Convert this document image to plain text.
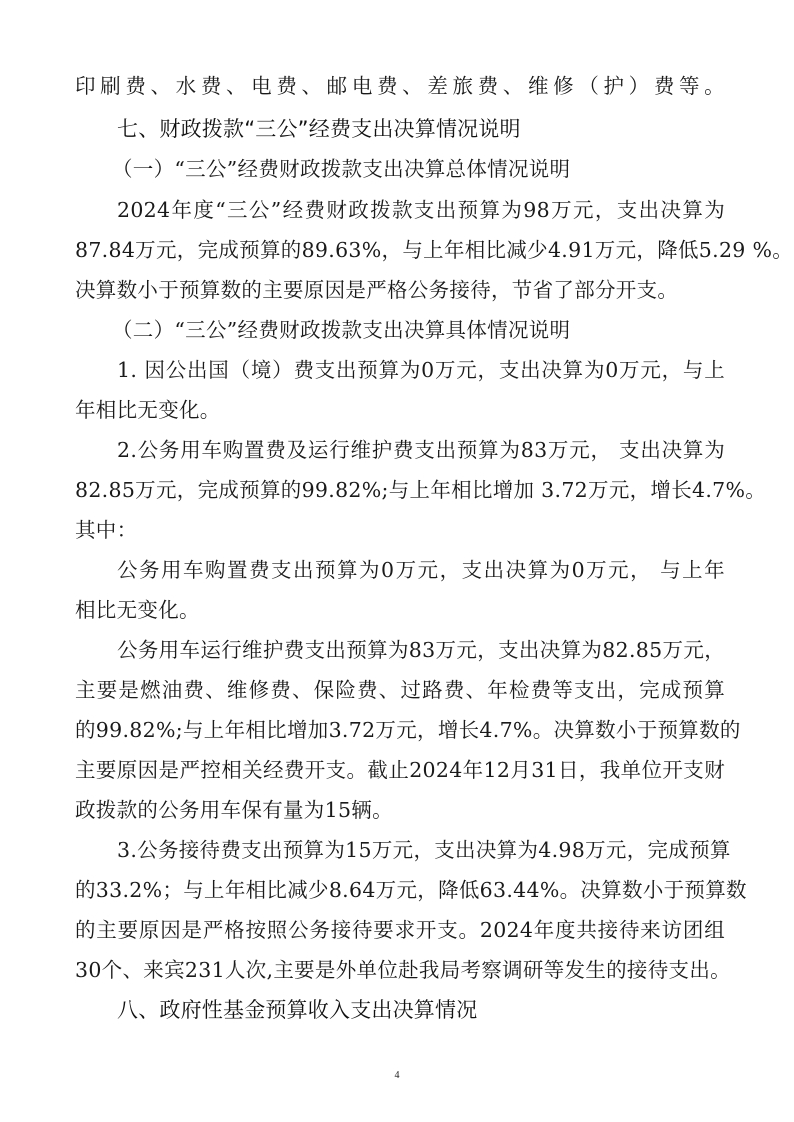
印刷费、水费、电费、邮电费、差旅费、维修（护）费等。
七、财政拨款“三公”经费支出决算情况说明
（一）“三公”经费财政拨款支出决算总体情况说明
2024年度“三公”经费财政拨款支出预算为98万元，支出决算为
87.84万元，完成预算的89.63%，与上年相比减少4.91万元，降低5.29 %。
决算数小于预算数的主要原因是严格公务接待，节省了部分开支。
（二）“三公”经费财政拨款支出决算具体情况说明
1. 因公出国（境）费支出预算为0万元，支出决算为0万元，与上
年相比无变化。
2.公务用车购置费及运行维护费支出预算为83万元， 支出决算为
82.85万元，完成预算的99.82%;与上年相比增加 3.72万元，增长4.7%。
其中：
公务用车购置费支出预算为0万元，支出决算为0万元， 与上年
相比无变化。
公务用车运行维护费支出预算为83万元，支出决算为82.85万元，
主要是燃油费、维修费、保险费、过路费、年检费等支出，完成预算
的99.82%;与上年相比增加3.72万元，增长4.7%。决算数小于预算数的
主要原因是严控相关经费开支。截止2024年12月31日，我单位开支财
政拨款的公务用车保有量为15辆。
3.公务接待费支出预算为15万元，支出决算为4.98万元，完成预算
的33.2%；与上年相比减少8.64万元，降低63.44%。决算数小于预算数
的主要原因是严格按照公务接待要求开支。2024年度共接待来访团组
30个、来宾231人次,主要是外单位赴我局考察调研等发生的接待支出。
八、政府性基金预算收入支出决算情况
4
